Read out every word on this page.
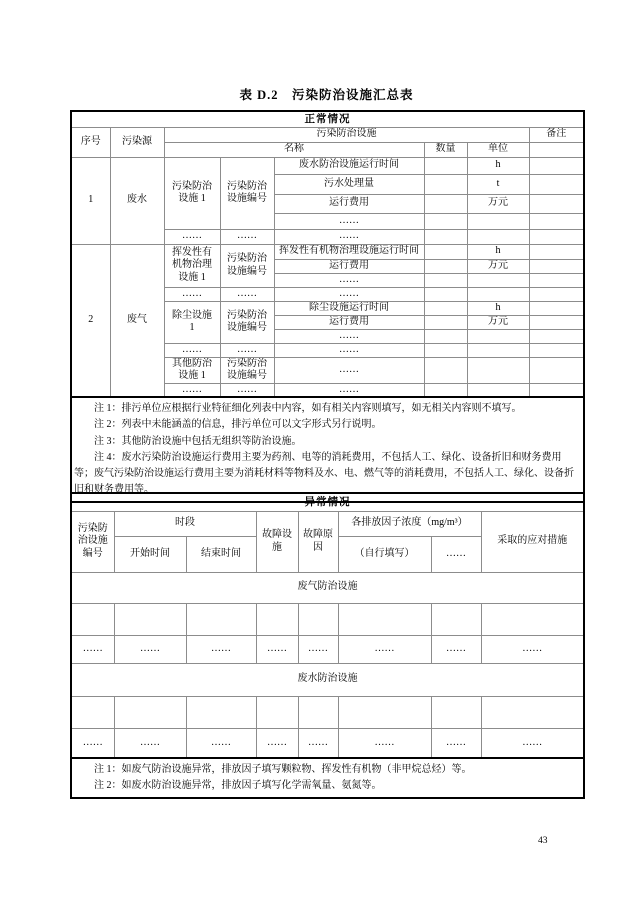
表 D.2　污染防治设施汇总表
正常情况							
序号	污染源	污染防治设施					备注
		名称			数量	单位	
1	废水	污染防治设施 1	污染防治设施编号	废水防治设施运行时间		h	
				污水处理量		t	
				运行费用		万元	
				……			
		……	……	……			
2	废气	挥发性有机物治理设施 1	污染防治设施编号	挥发性有机物治理设施运行时间		h	
				运行费用		万元	
				……			
		……	……	……			
		除尘设施 1	污染防治设施编号	除尘设施运行时间		h	
				运行费用		万元	
				……			
		……	……	……			
		其他防治设施 1	污染防治设施编号	……			
		……	……	……			

注 1：排污单位应根据行业特征细化列表中内容，如有相关内容则填写，如无相关内容则不填写。

注 2：列表中未能涵盖的信息，排污单位可以文字形式另行说明。

注 3：其他防治设施中包括无组织等防治设施。

注 4：废水污染防治设施运行费用主要为药剂、电等的消耗费用，不包括人工、绿化、设备折旧和财务费用等；废气污染防治设施运行费用主要为消耗材料等物料及水、电、燃气等的消耗费用，不包括人工、绿化、设备折旧和财务费用等。							

异常情况							
污染防治设施编号	时段		故障设施	故障原因	各排放因子浓度（mg/m³）		采取的应对措施
	开始时间	结束时间			（自行填写）	……	
废气防治设施							

……	……	……	……	……	……	……	……
废水防治设施							

……	……	……	……	……	……	……	……

注 1：如废气防治设施异常，排放因子填写颗粒物、挥发性有机物（非甲烷总烃）等。

注 2：如废水防治设施异常，排放因子填写化学需氧量、氨氮等。							

43
